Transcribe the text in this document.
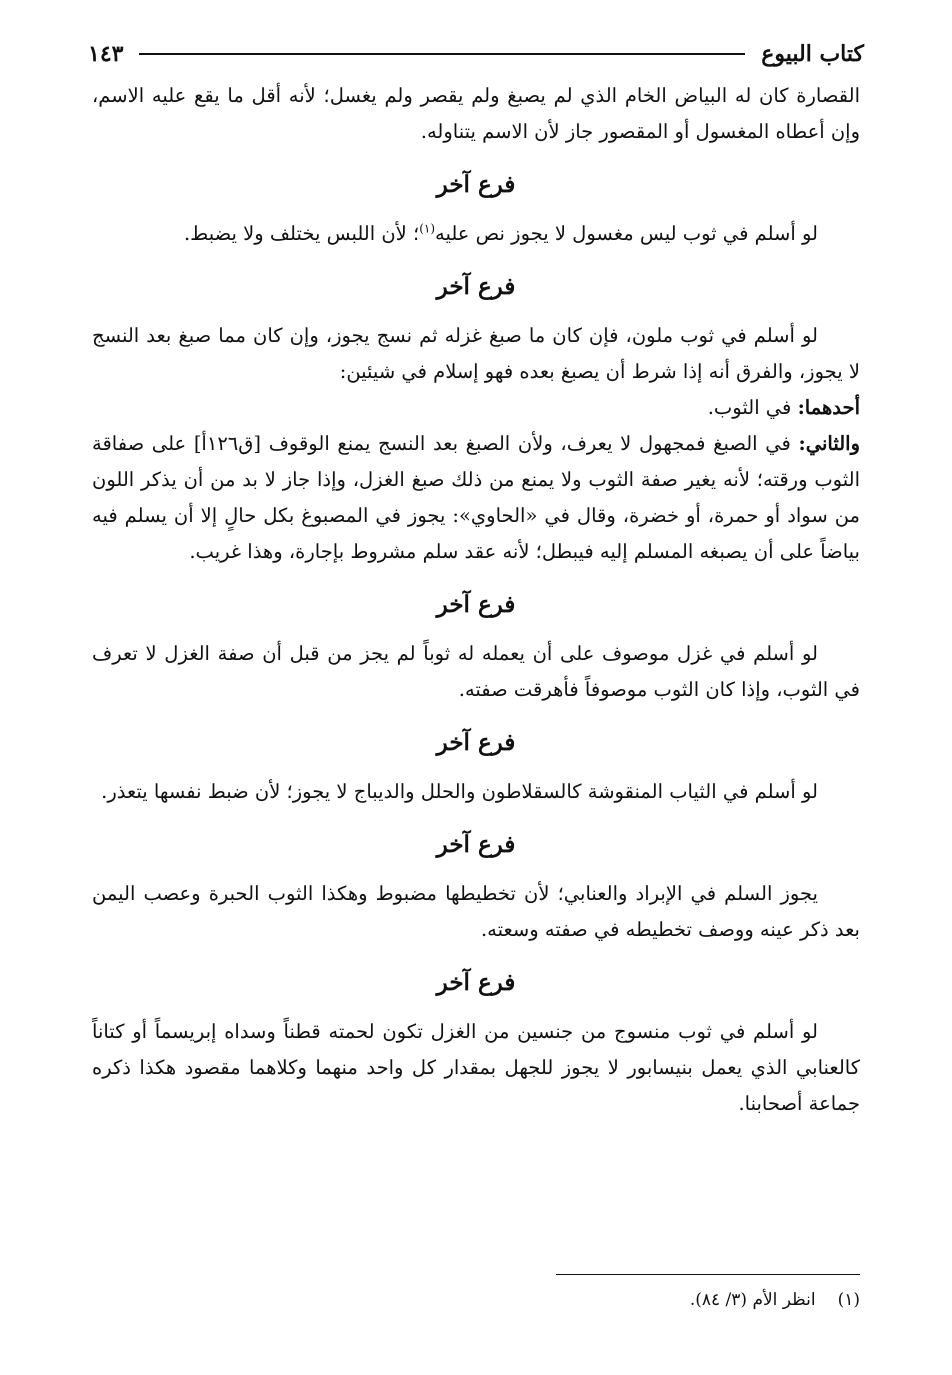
كتاب البيوع
١٤٣

القصارة كان له البياض الخام الذي لم يصبغ ولم يقصر ولم يغسل؛ لأنه أقل ما يقع عليه الاسم، وإن أعطاه المغسول أو المقصور جاز لأن الاسم يتناوله.

فرع آخر

لو أسلم في ثوب ليس مغسول لا يجوز نص عليه$^{(١)}$؛ لأن اللبس يختلف ولا يضبط.

فرع آخر

لو أسلم في ثوب ملون، فإن كان ما صبغ غزله ثم نسج يجوز، وإن كان مما صبغ بعد النسج لا يجوز، والفرق أنه إذا شرط أن يصبغ بعده فهو إسلام في شيئين:

أحدهما: في الثوب.

والثاني: في الصبغ فمجهول لا يعرف، ولأن الصبغ بعد النسج يمنع الوقوف [ق١٢٦أ] على صفاقة الثوب ورقته؛ لأنه يغير صفة الثوب ولا يمنع من ذلك صبغ الغزل، وإذا جاز لا بد من أن يذكر اللون من سواد أو حمرة، أو خضرة، وقال في «الحاوي»: يجوز في المصبوغ بكل حالٍ إلا أن يسلم فيه بياضاً على أن يصبغه المسلم إليه فيبطل؛ لأنه عقد سلم مشروط بإجارة، وهذا غريب.

فرع آخر

لو أسلم في غزل موصوف على أن يعمله له ثوباً لم يجز من قبل أن صفة الغزل لا تعرف في الثوب، وإذا كان الثوب موصوفاً فأهرقت صفته.

فرع آخر

لو أسلم في الثياب المنقوشة كالسقلاطون والحلل والديباج لا يجوز؛ لأن ضبط نفسها يتعذر.

فرع آخر

يجوز السلم في الإبراد والعنابي؛ لأن تخطيطها مضبوط وهكذا الثوب الحبرة وعصب اليمن بعد ذكر عينه ووصف تخطيطه في صفته وسعته.

فرع آخر

لو أسلم في ثوب منسوج من جنسين من الغزل تكون لحمته قطناً وسداه إبريسماً أو كتاناً كالعنابي الذي يعمل بنيسابور لا يجوز للجهل بمقدار كل واحد منهما وكلاهما مقصود هكذا ذكره جماعة أصحابنا.

(١)انظر الأم (٣/ ٨٤).
